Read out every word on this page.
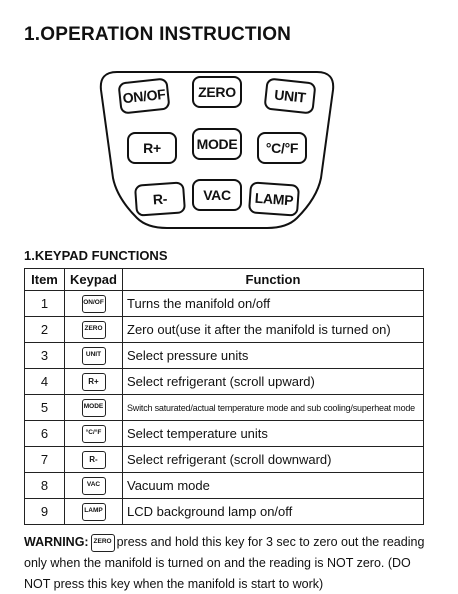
1.OPERATION INSTRUCTION
ON/OF	ZERO	UNIT
R+	MODE	°C/°F
R-	VAC	LAMP
1.KEYPAD FUNCTIONS
Item	Keypad	Function
1	ON/OF	Turns the manifold on/off
2	ZERO	Zero out(use it after the manifold is turned on)
3	UNIT	Select pressure units
4	R+	Select refrigerant (scroll upward)
5	MODE	Switch saturated/actual temperature mode and sub cooling/superheat mode
6	°C/°F	Select temperature units
7	R-	Select refrigerant (scroll downward)
8	VAC	Vacuum mode
9	LAMP	LCD background lamp on/off
WARNING: ZERO press and hold this key for 3 sec to zero out the reading only when the manifold is turned on and the reading is NOT zero. (DO NOT press this key when the manifold is start to work)
